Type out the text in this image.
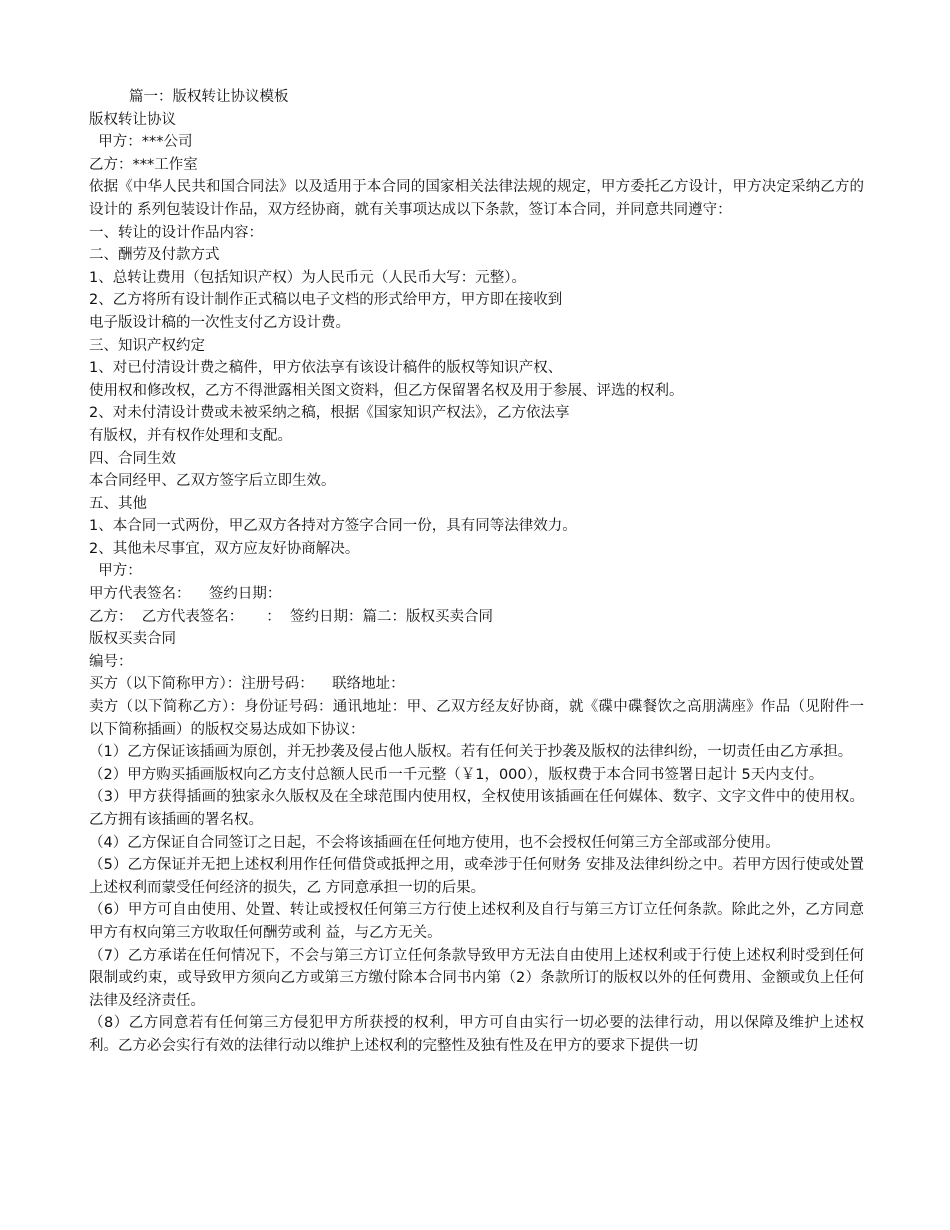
篇一：版权转让协议模板
版权转让协议
甲方：***公司
乙方：***工作室
依据《中华人民共和国合同法》以及适用于本合同的国家相关法律法规的规定，甲方委托乙方设计，甲方决定采纳乙方的设计的 系列包装设计作品，双方经协商，就有关事项达成以下条款，签订本合同，并同意共同遵守：
一、转让的设计作品内容：
二、酬劳及付款方式
1、总转让费用（包括知识产权）为人民币元（人民币大写：元整）。
2、乙方将所有设计制作正式稿以电子文档的形式给甲方，甲方即在接收到
电子版设计稿的一次性支付乙方设计费。
三、知识产权约定
1、对已付清设计费之稿件，甲方依法享有该设计稿件的版权等知识产权、
使用权和修改权，乙方不得泄露相关图文资料，但乙方保留署名权及用于参展、评选的权利。
2、对未付清设计费或未被采纳之稿，根据《国家知识产权法》，乙方依法享
有版权，并有权作处理和支配。
四、合同生效
本合同经甲、乙双方签字后立即生效。
五、其他
1、本合同一式两份，甲乙双方各持对方签字合同一份，具有同等法律效力。
2、其他未尽事宜，双方应友好协商解决。
甲方：
甲方代表签名：    签约日期：
乙方：  乙方代表签名：     ：  签约日期：篇二：版权买卖合同
版权买卖合同
编号：
买方（以下简称甲方）：注册号码：    联络地址：
卖方（以下简称乙方）：身份证号码：通讯地址：甲、乙双方经友好协商，就《碟中碟餐饮之高朋满座》作品（见附件一 以下简称插画）的版权交易达成如下协议：
（1）乙方保证该插画为原创，并无抄袭及侵占他人版权。若有任何关于抄袭及版权的法律纠纷，一切责任由乙方承担。
（2）甲方购买插画版权向乙方支付总额人民币一千元整（￥1，000），版权费于本合同书签署日起计 5天内支付。
（3）甲方获得插画的独家永久版权及在全球范围内使用权，全权使用该插画在任何媒体、数字、文字文件中的使用权。乙方拥有该插画的署名权。
（4）乙方保证自合同签订之日起，不会将该插画在任何地方使用，也不会授权任何第三方全部或部分使用。
（5）乙方保证并无把上述权利用作任何借贷或抵押之用，或牵涉于任何财务 安排及法律纠纷之中。若甲方因行使或处置上述权利而蒙受任何经济的损失，乙 方同意承担一切的后果。
（6）甲方可自由使用、处置、转让或授权任何第三方行使上述权利及自行与第三方订立任何条款。除此之外，乙方同意甲方有权向第三方收取任何酬劳或利 益，与乙方无关。
（7）乙方承诺在任何情况下，不会与第三方订立任何条款导致甲方无法自由使用上述权利或于行使上述权利时受到任何限制或约束，或导致甲方须向乙方或第三方缴付除本合同书内第（2）条款所订的版权以外的任何费用、金额或负上任何法律及经济责任。
（8）乙方同意若有任何第三方侵犯甲方所获授的权利，甲方可自由实行一切必要的法律行动，用以保障及维护上述权利。乙方必会实行有效的法律行动以维护上述权利的完整性及独有性及在甲方的要求下提供一切
